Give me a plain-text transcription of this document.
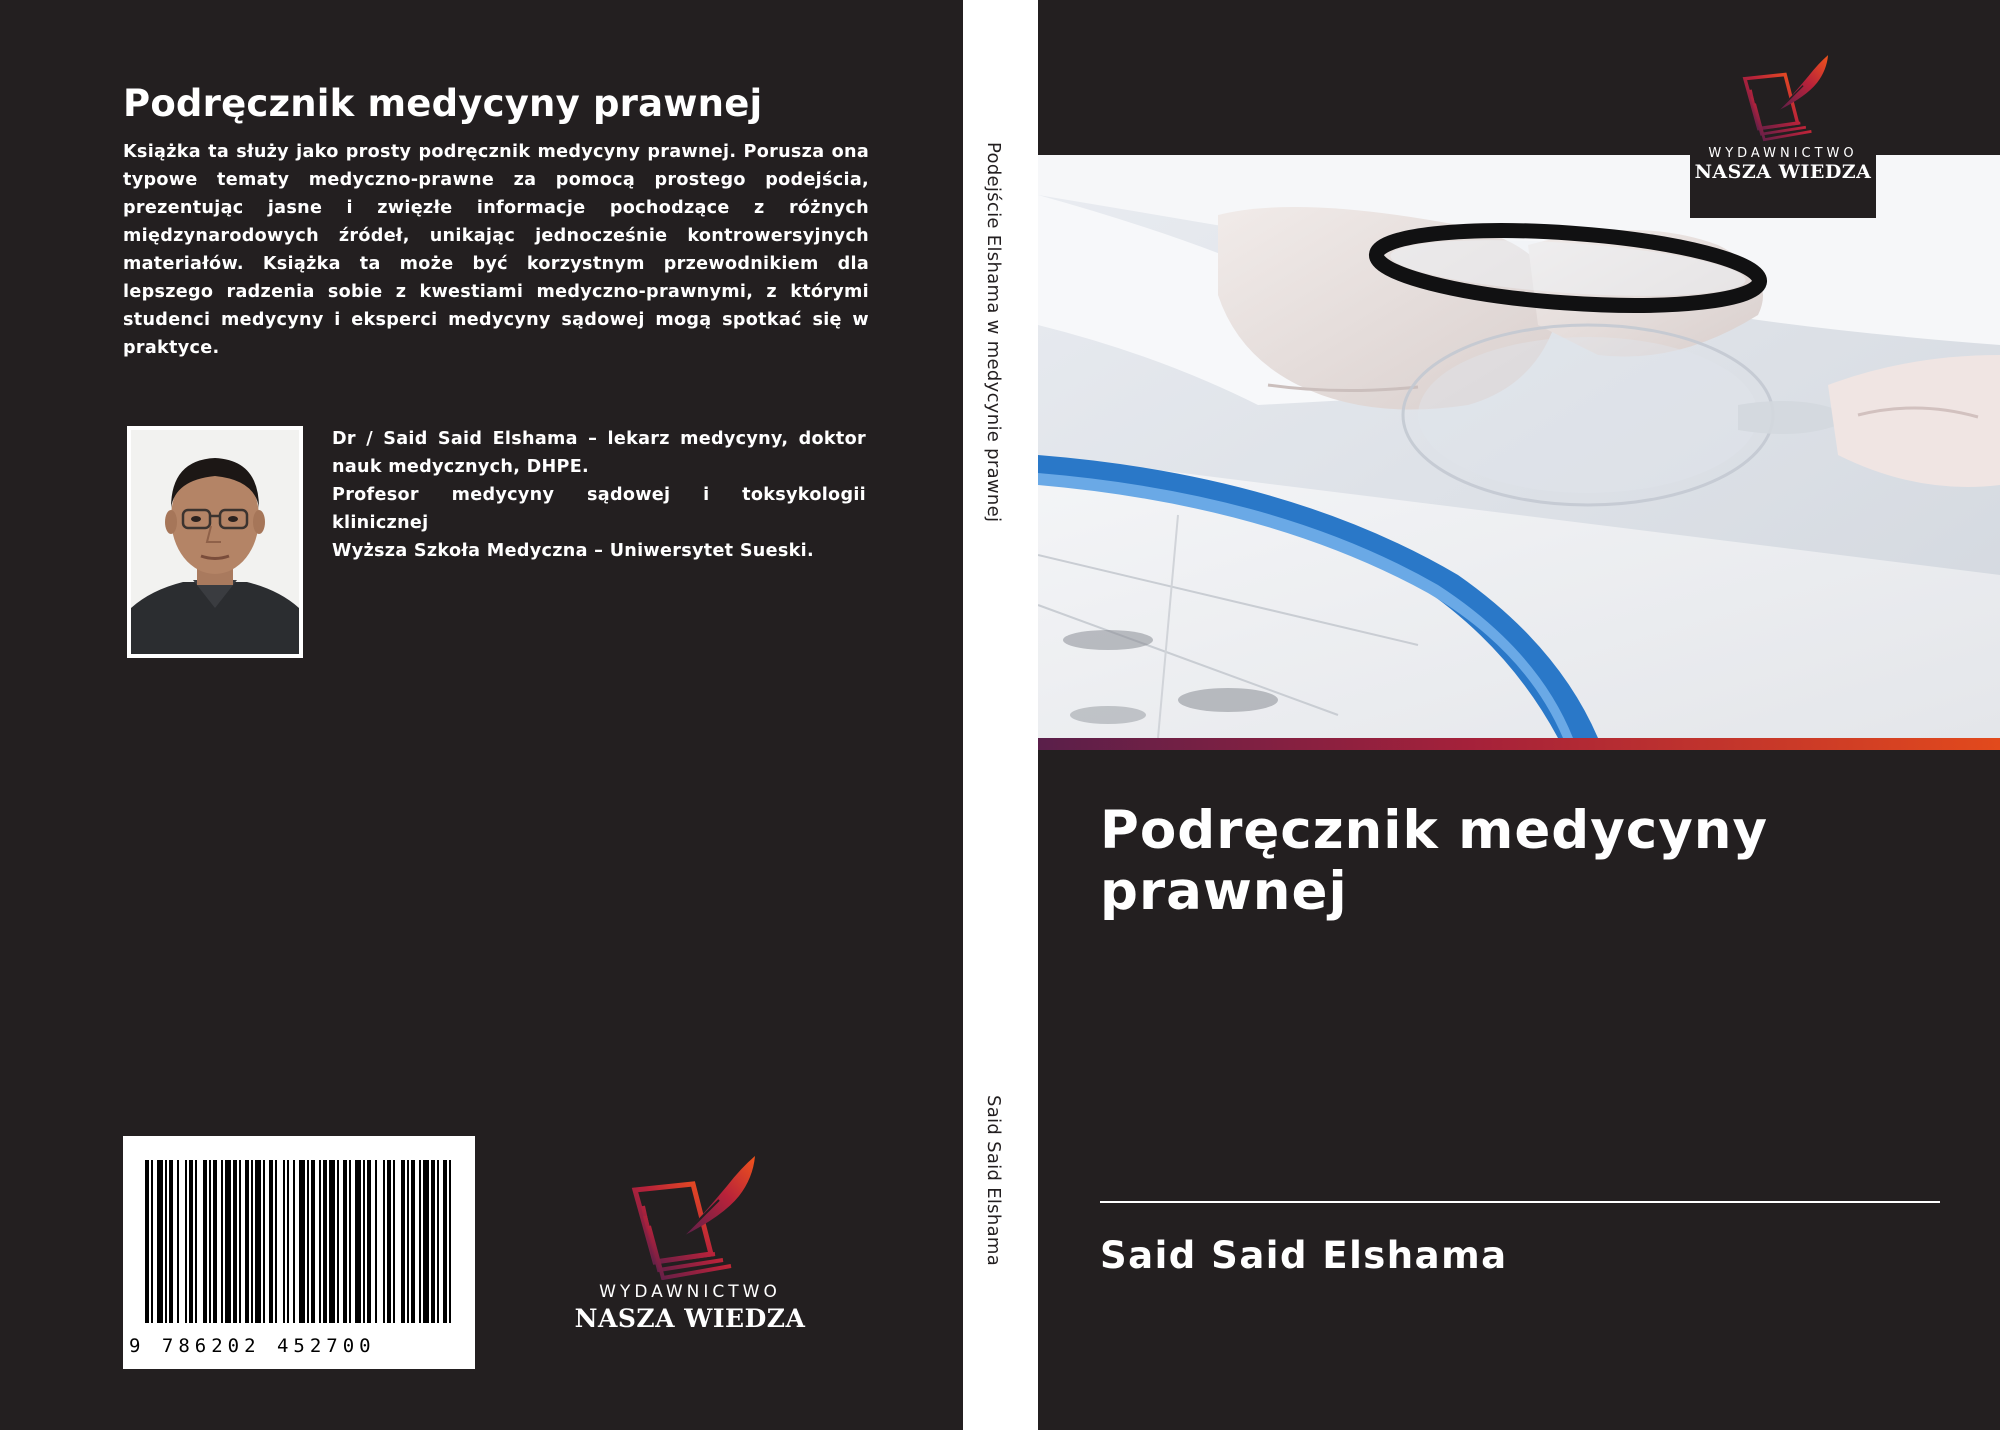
Podręcznik medycyny prawnej

Książka ta służy jako prosty podręcznik medycyny prawnej. Porusza ona typowe tematy medyczno-prawne za pomocą prostego podejścia, prezentując jasne i zwięzłe informacje pochodzące z różnych międzynarodowych źródeł, unikając jednocześnie kontrowersyjnych materiałów. Książka ta może być korzystnym przewodnikiem dla lepszego radzenia sobie z kwestiami medyczno-prawnymi, z którymi studenci medycyny i eksperci medycyny sądowej mogą spotkać się w praktyce.

Dr / Said Said Elshama – lekarz medycyny, doktor
nauk medycznych, DHPE.
Profesor medycyny sądowej i toksykologii
klinicznej
Wyższa Szkoła Medyczna – Uniwersytet Sueski.
9 786202 452700
WYDAWNICTWO
NASZA WIEDZA
Podejście Elshama w medycynie prawnej
Said Said Elshama
WYDAWNICTWO
NASZA WIEDZA
Podręcznik medycyny prawnej
Said Said Elshama
